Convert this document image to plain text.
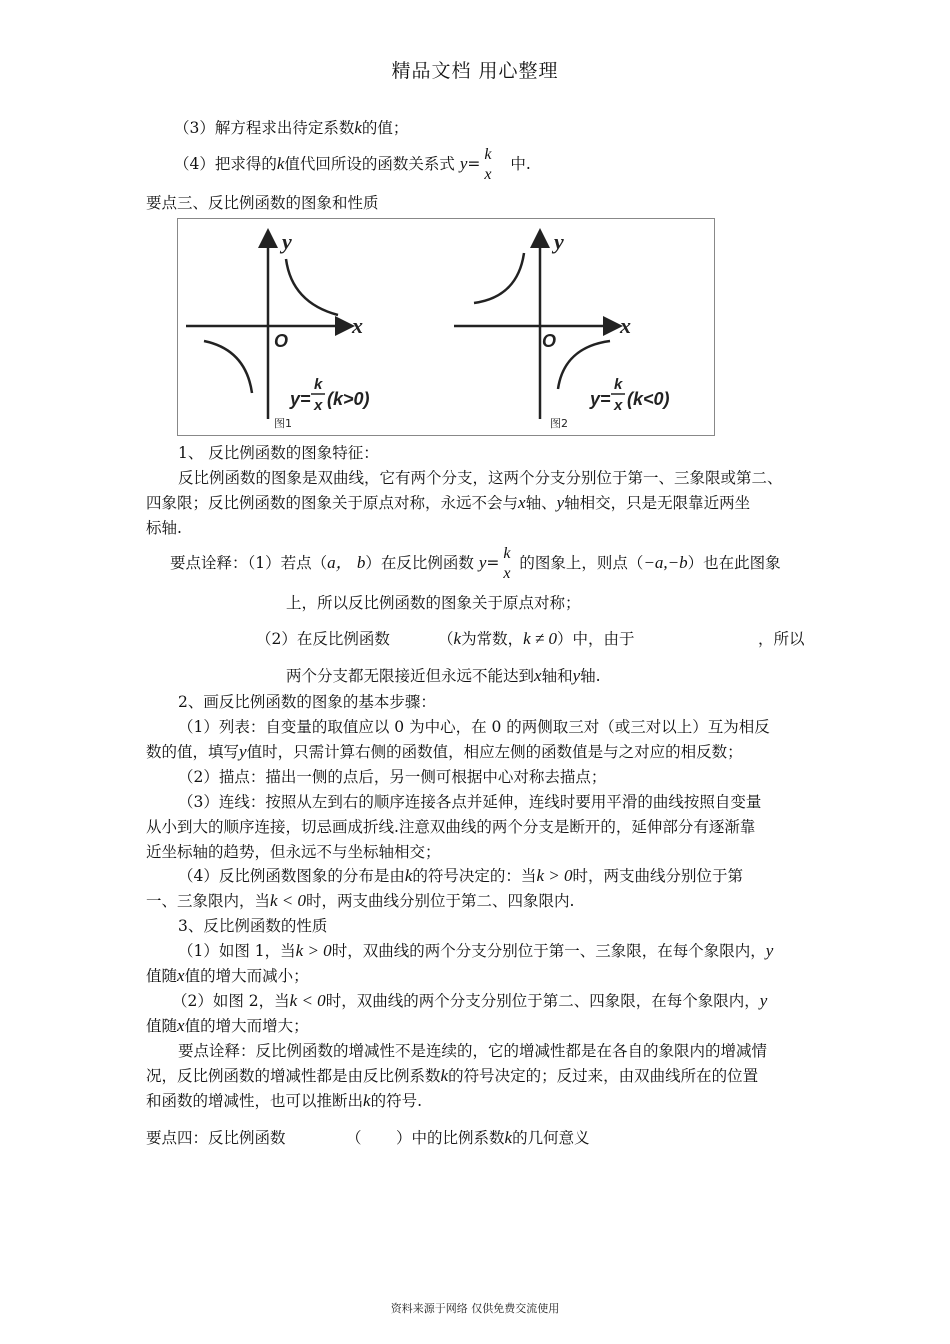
精品文档 用心整理
（3）解方程求出待定系数k的值；
（4）把求得的k值代回所设的函数关系式 y=
k
x
中.
要点三、反比例函数的图象和性质
y
x
O
y=
k
x (k>0)
图1
y
x
O
y=
k
x (k<0)
图2
1、 反比例函数的图象特征：
反比例函数的图象是双曲线，它有两个分支，这两个分支分别位于第一、三象限或第二、
四象限；反比例函数的图象关于原点对称，永远不会与x轴、y轴相交，只是无限靠近两坐
标轴.
要点诠释：（1）若点（a， b）在反比例函数 y=
k
x
的图象上，则点（−a,−b）也在此图象
上，所以反比例函数的图象关于原点对称；
（2）在反比例函数	（k为常数，k ≠ 0）中，由于	，所以
两个分支都无限接近但永远不能达到x轴和y轴.
2、画反比例函数的图象的基本步骤：
（1）列表：自变量的取值应以 0 为中心，在 0 的两侧取三对（或三对以上）互为相反
数的值，填写y值时，只需计算右侧的函数值，相应左侧的函数值是与之对应的相反数；
（2）描点：描出一侧的点后，另一侧可根据中心对称去描点；
（3）连线：按照从左到右的顺序连接各点并延伸，连线时要用平滑的曲线按照自变量
从小到大的顺序连接，切忌画成折线.注意双曲线的两个分支是断开的，延伸部分有逐渐靠
近坐标轴的趋势，但永远不与坐标轴相交；
（4）反比例函数图象的分布是由k的符号决定的：当k > 0时，两支曲线分别位于第
一、三象限内，当k < 0时，两支曲线分别位于第二、四象限内.
3、反比例函数的性质
（1）如图 1，当k > 0时，双曲线的两个分支分别位于第一、三象限，在每个象限内，y
值随x值的增大而减小；
（2）如图 2，当k < 0时，双曲线的两个分支分别位于第二、四象限，在每个象限内，y
值随x值的增大而增大；
要点诠释：反比例函数的增减性不是连续的，它的增减性都是在各自的象限内的增减情
况，反比例函数的增减性都是由反比例系数k的符号决定的；反过来，由双曲线所在的位置
和函数的增减性，也可以推断出k的符号.
要点四：反比例函数	（ ）中的比例系数k的几何意义
资料来源于网络 仅供免费交流使用
